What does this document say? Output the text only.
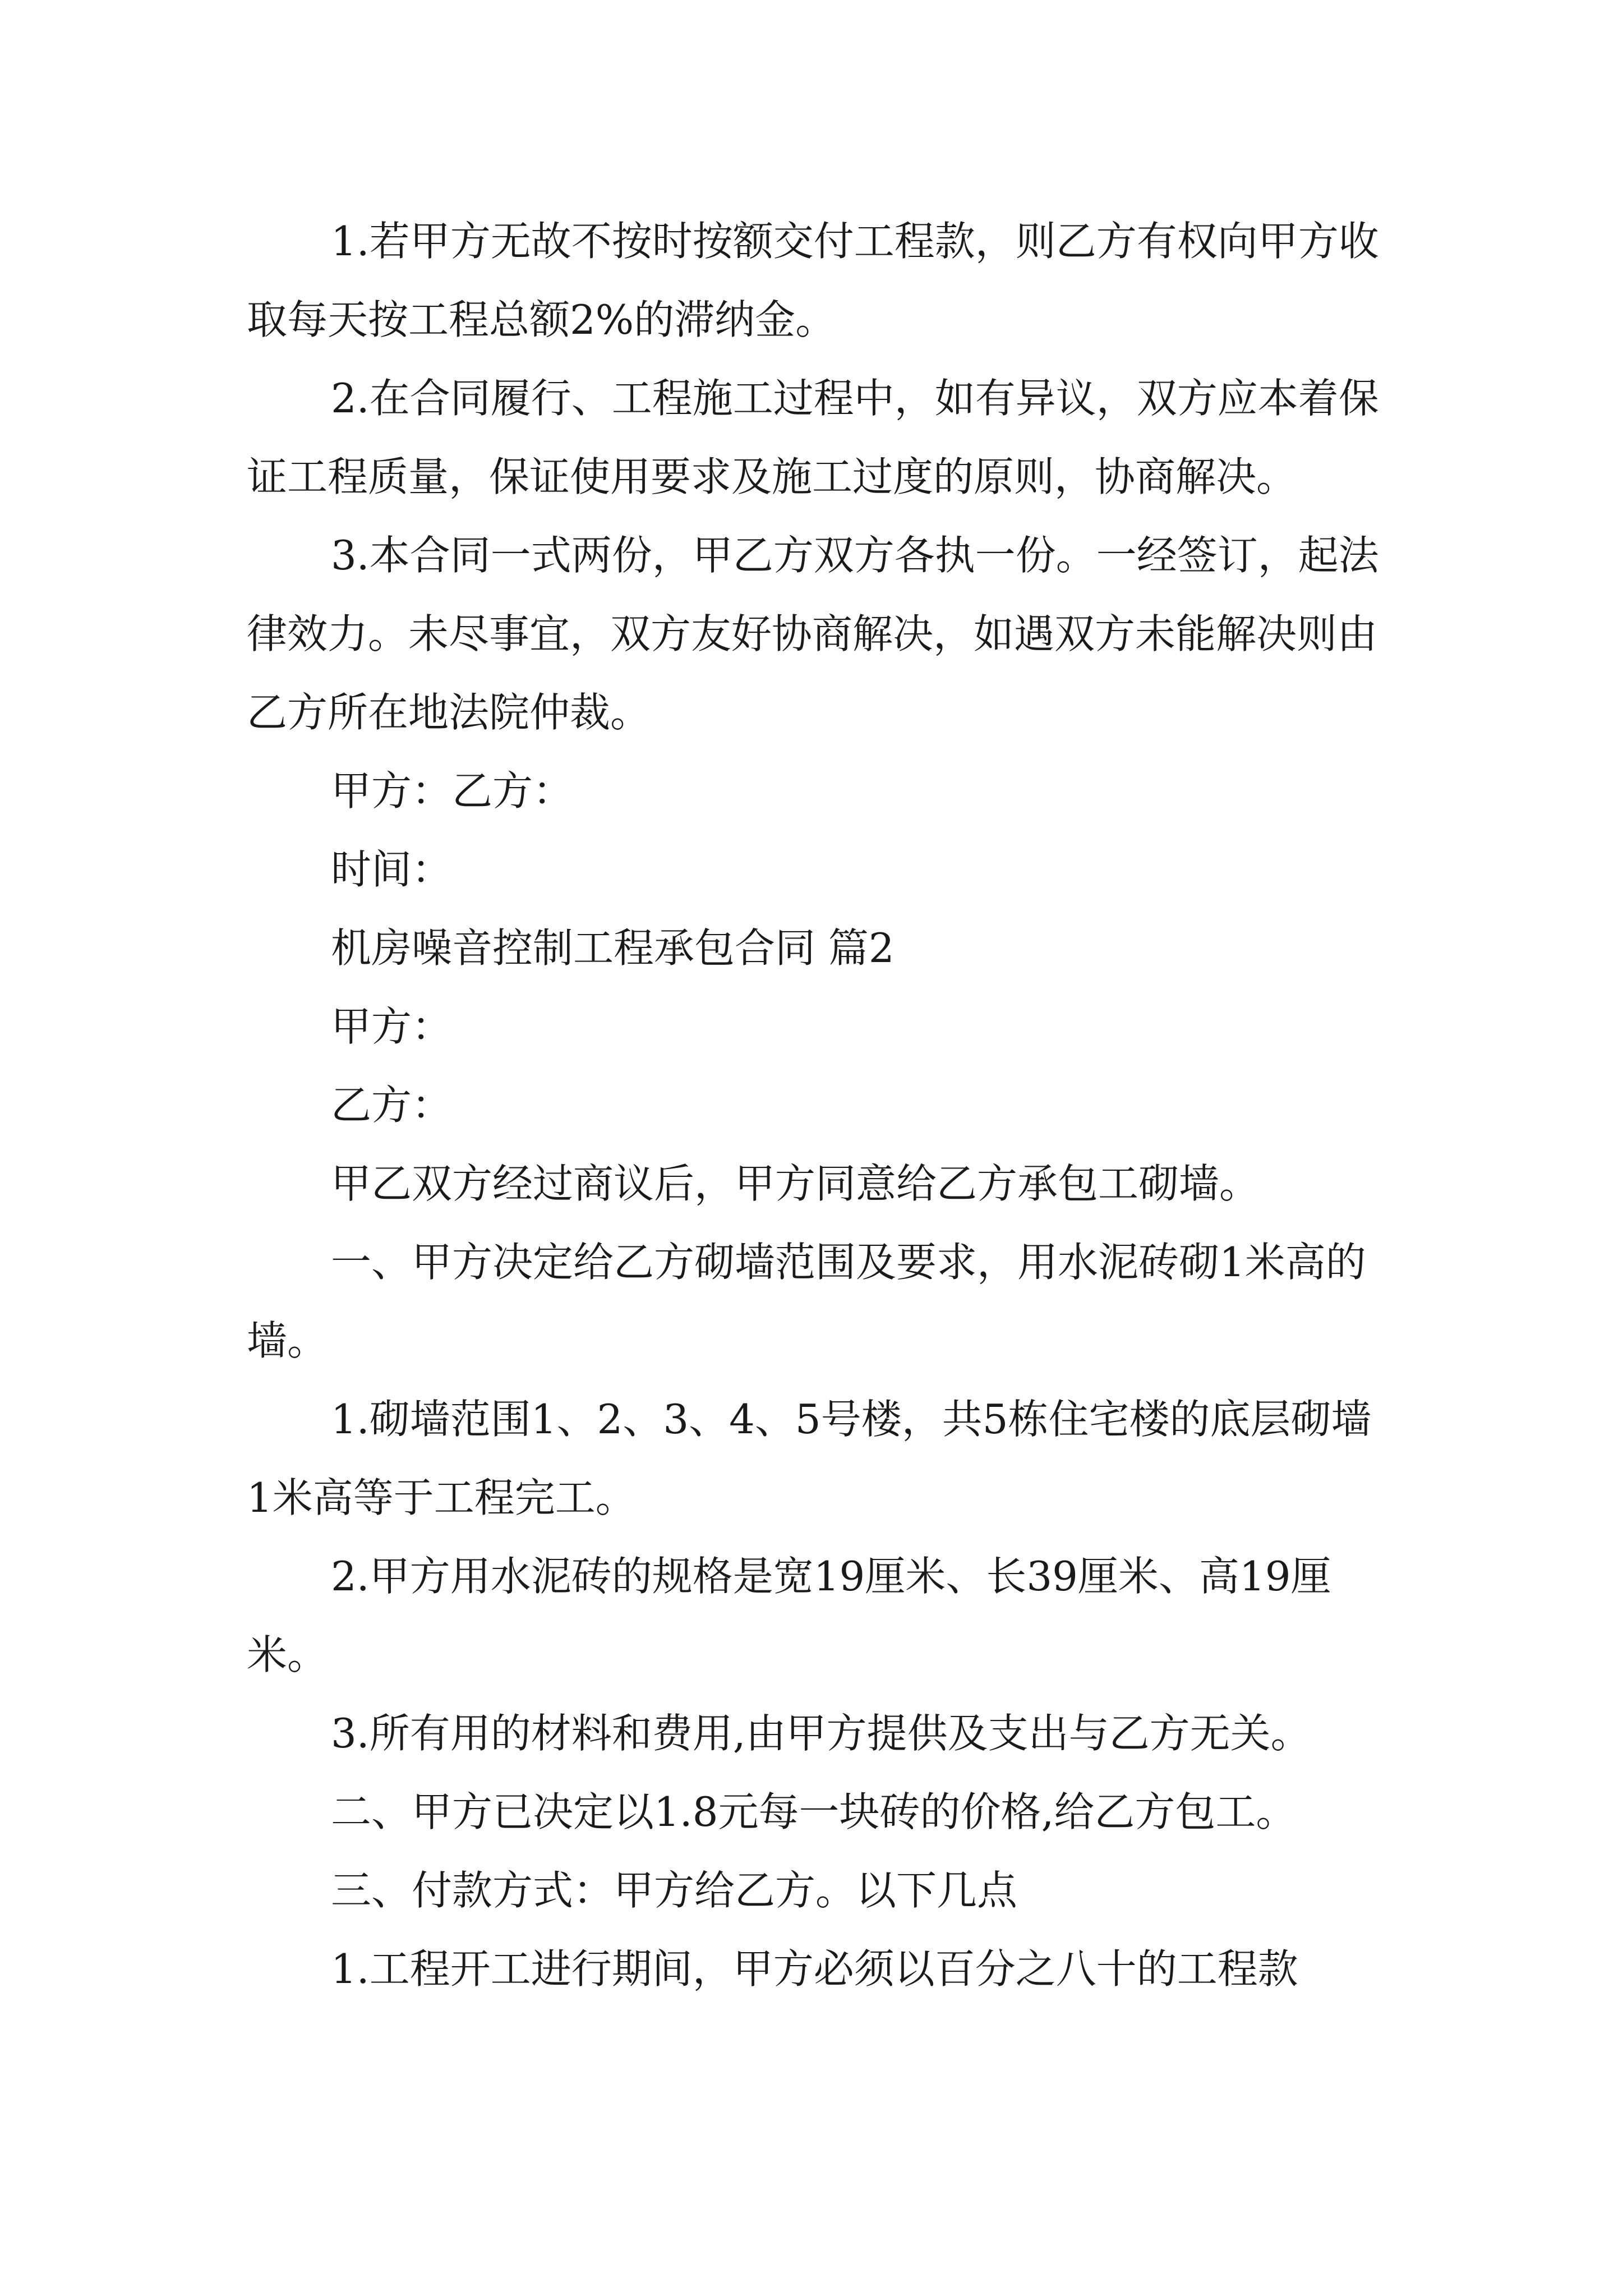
1.若甲方无故不按时按额交付工程款，则乙方有权向甲方收取每天按工程总额2%的滞纳金。

2.在合同履行、工程施工过程中，如有异议，双方应本着保证工程质量，保证使用要求及施工过度的原则，协商解决。

3.本合同一式两份，甲乙方双方各执一份。一经签订，起法律效力。未尽事宜，双方友好协商解决，如遇双方未能解决则由乙方所在地法院仲裁。

甲方：乙方：

时间：

机房噪音控制工程承包合同 篇2

甲方：

乙方：

甲乙双方经过商议后，甲方同意给乙方承包工砌墙。

一、甲方决定给乙方砌墙范围及要求，用水泥砖砌1米高的墙。

1.砌墙范围1、2、3、4、5号楼，共5栋住宅楼的底层砌墙1米高等于工程完工。

2.甲方用水泥砖的规格是宽19厘米、长39厘米、高19厘米。

3.所有用的材料和费用,由甲方提供及支出与乙方无关。

二、甲方已决定以1.8元每一块砖的价格,给乙方包工。

三、付款方式：甲方给乙方。以下几点

1.工程开工进行期间，甲方必须以百分之八十的工程款
